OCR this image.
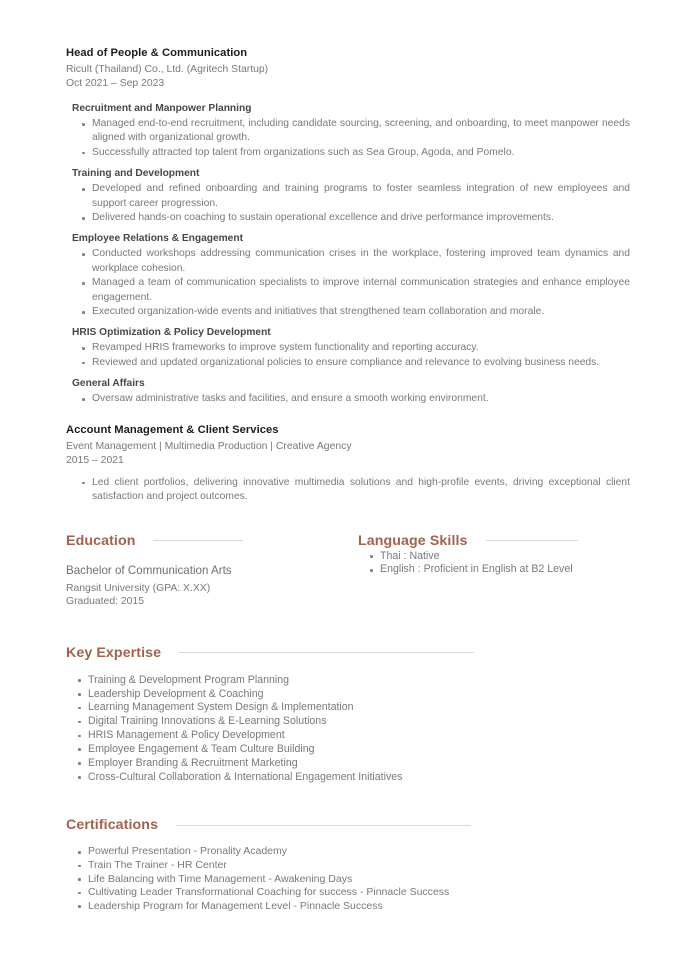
Head of People & Communication
Ricult (Thailand) Co., Ltd. (Agritech Startup)
Oct 2021 – Sep 2023
Recruitment and Manpower Planning
Managed end-to-end recruitment, including candidate sourcing, screening, and onboarding, to meet manpower needs aligned with organizational growth.
Successfully attracted top talent from organizations such as Sea Group, Agoda, and Pomelo.
Training and Development
Developed and refined onboarding and training programs to foster seamless integration of new employees and support career progression.
Delivered hands-on coaching to sustain operational excellence and drive performance improvements.
Employee Relations & Engagement
Conducted workshops addressing communication crises in the workplace, fostering improved team dynamics and workplace cohesion.
Managed a team of communication specialists to improve internal communication strategies and enhance employee engagement.
Executed organization-wide events and initiatives that strengthened team collaboration and morale.
HRIS Optimization & Policy Development
Revamped HRIS frameworks to improve system functionality and reporting accuracy.
Reviewed and updated organizational policies to ensure compliance and relevance to evolving business needs.
General Affairs
Oversaw administrative tasks and facilities, and ensure a smooth working environment.
Account Management & Client Services
Event Management | Multimedia Production | Creative Agency
2015 – 2021
Led client portfolios, delivering innovative multimedia solutions and high-profile events, driving exceptional client satisfaction and project outcomes.
Education
Bachelor of Communication Arts
Rangsit University (GPA: X.XX)
Graduated: 2015
Language Skills
Thai : Native
English : Proficient in English at B2 Level
Key Expertise
Training & Development Program Planning
Leadership Development & Coaching
Learning Management System Design & Implementation
Digital Training Innovations & E-Learning Solutions
HRIS Management & Policy Development
Employee Engagement & Team Culture Building
Employer Branding & Recruitment Marketing
Cross-Cultural Collaboration & International Engagement Initiatives
Certifications
Powerful Presentation - Pronality Academy
Train The Trainer - HR Center
Life Balancing with Time Management - Awakening Days
Cultivating Leader Transformational Coaching for success - Pinnacle Success
Leadership Program for Management Level - Pinnacle Success
